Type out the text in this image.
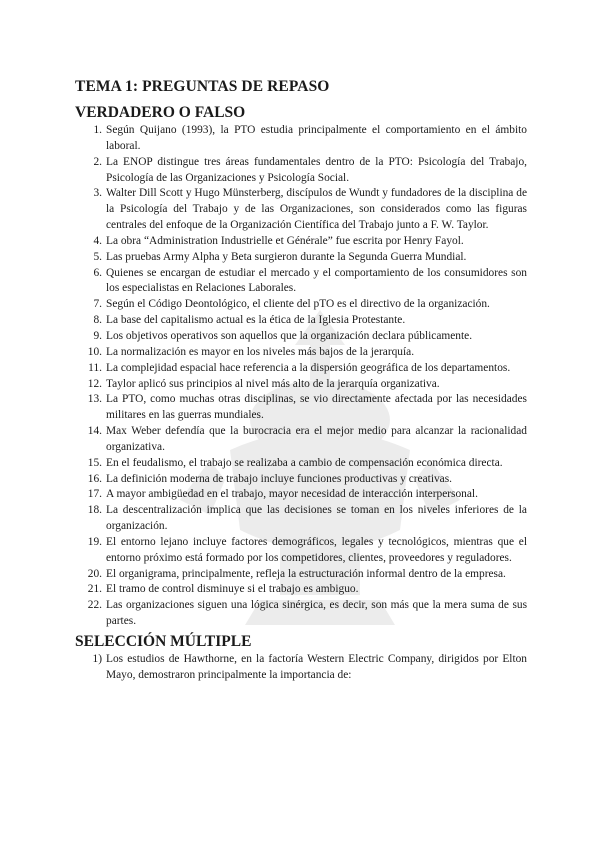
TEMA 1: PREGUNTAS DE REPASO
VERDADERO O FALSO
1. Según Quijano (1993), la PTO estudia principalmente el comportamiento en el ámbito laboral.
2. La ENOP distingue tres áreas fundamentales dentro de la PTO: Psicología del Trabajo, Psicología de las Organizaciones y Psicología Social.
3. Walter Dill Scott y Hugo Münsterberg, discípulos de Wundt y fundadores de la disciplina de la Psicología del Trabajo y de las Organizaciones, son considerados como las figuras centrales del enfoque de la Organización Científica del Trabajo junto a F. W. Taylor.
4. La obra “Administration Industrielle et Générale” fue escrita por Henry Fayol.
5. Las pruebas Army Alpha y Beta surgieron durante la Segunda Guerra Mundial.
6. Quienes se encargan de estudiar el mercado y el comportamiento de los consumidores son los especialistas en Relaciones Laborales.
7. Según el Código Deontológico, el cliente del pTO es el directivo de la organización.
8. La base del capitalismo actual es la ética de la Iglesia Protestante.
9. Los objetivos operativos son aquellos que la organización declara públicamente.
10. La normalización es mayor en los niveles más bajos de la jerarquía.
11. La complejidad espacial hace referencia a la dispersión geográfica de los departamentos.
12. Taylor aplicó sus principios al nivel más alto de la jerarquía organizativa.
13. La PTO, como muchas otras disciplinas, se vio directamente afectada por las necesidades militares en las guerras mundiales.
14. Max Weber defendía que la burocracia era el mejor medio para alcanzar la racionalidad organizativa.
15. En el feudalismo, el trabajo se realizaba a cambio de compensación económica directa.
16. La definición moderna de trabajo incluye funciones productivas y creativas.
17. A mayor ambigüedad en el trabajo, mayor necesidad de interacción interpersonal.
18. La descentralización implica que las decisiones se toman en los niveles inferiores de la organización.
19. El entorno lejano incluye factores demográficos, legales y tecnológicos, mientras que el entorno próximo está formado por los competidores, clientes, proveedores y reguladores.
20. El organigrama, principalmente, refleja la estructuración informal dentro de la empresa.
21. El tramo de control disminuye si el trabajo es ambiguo.
22. Las organizaciones siguen una lógica sinérgica, es decir, son más que la mera suma de sus partes.
SELECCIÓN MÚLTIPLE
1) Los estudios de Hawthorne, en la factoría Western Electric Company, dirigidos por Elton Mayo, demostraron principalmente la importancia de:
